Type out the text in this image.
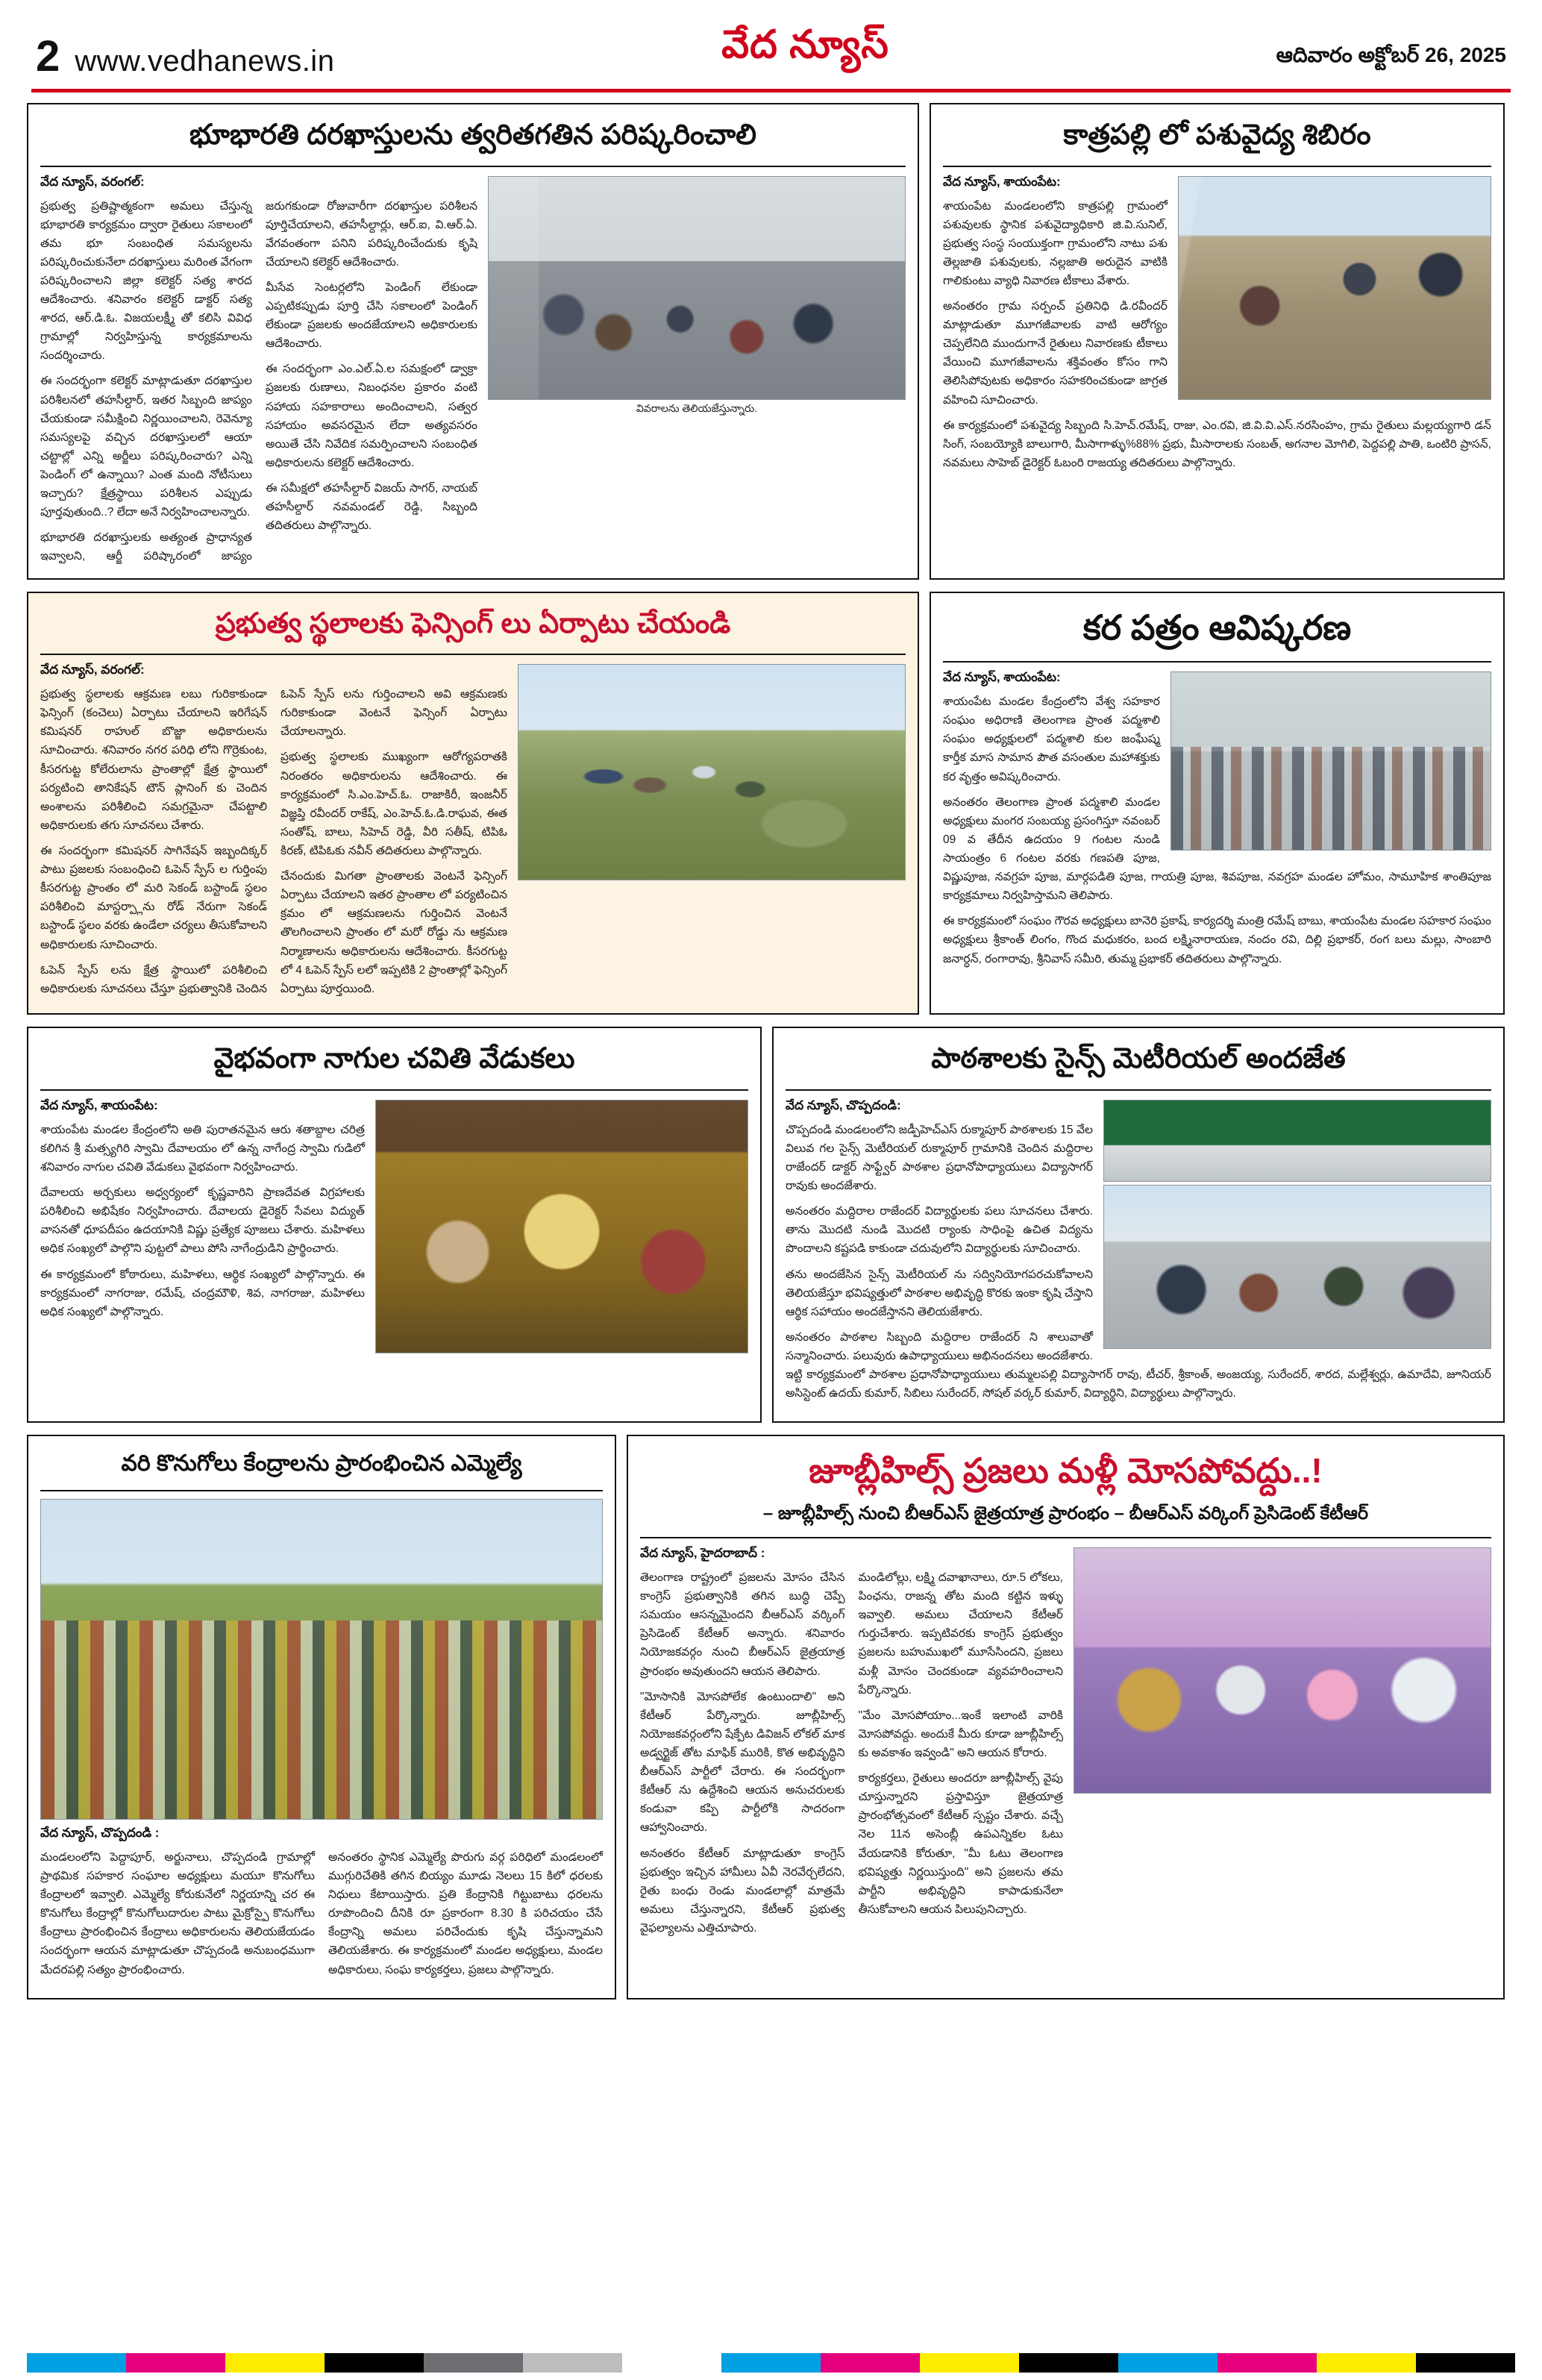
2 www.vedhanews.in	వేద న్యూస్	ఆదివారం అక్టోబర్ 26, 2025
భూభారతి దరఖాస్తులను త్వరితగతిన పరిష్కరించాలి
వివరాలను తెలియజేస్తున్నారు.
వేద న్యూస్, వరంగల్:

ప్రభుత్వ ప్రతిష్టాత్మకంగా అమలు చేస్తున్న భూభారతి కార్యక్రమం ద్వారా రైతులు సకాలంలో తమ భూ సంబంధిత సమస్యలను పరిష్కరించుకునేలా దరఖాస్తులు మరింత వేగంగా పరిష్కరించాలని జిల్లా కలెక్టర్ సత్య శారద ఆదేశించారు. శనివారం కలెక్టర్ డాక్టర్ సత్య శారద, ఆర్.డి.ఓ. విజయలక్ష్మీ తో కలిసి వివిధ గ్రామాల్లో నిర్వహిస్తున్న కార్యక్రమాలను సందర్శించారు.

ఈ సందర్భంగా కలెక్టర్ మాట్లాడుతూ దరఖాస్తుల పరిశీలనలో తహసీల్దార్, ఇతర సిబ్బంది జాప్యం చేయకుండా సమీక్షించి నిర్ణయించాలని, రెవెన్యూ సమస్యలపై వచ్చిన దరఖాస్తులలో ఆయా చట్టాల్లో ఎన్ని అర్జీలు పరిష్కరించారు? ఎన్ని పెండింగ్ లో ఉన్నాయి? ఎంత మంది నోటీసులు ఇచ్చారు? క్షేత్రస్థాయి పరిశీలన ఎప్పుడు పూర్తవుతుంది..? లేదా అనే నిర్వహించాలన్నారు.

భూభారతి దరఖాస్తులకు అత్యంత ప్రాధాన్యత ఇవ్వాలని, ఆర్జీ పరిష్కారంలో జాప్యం జరుగకుండా రోజువారీగా దరఖాస్తుల పరిశీలన పూర్తిచేయాలని, తహసీల్దార్లు, ఆర్.ఐ, వి.ఆర్.ఏ. వేగవంతంగా పనిని పరిష్కరించేందుకు కృషి చేయాలని కలెక్టర్ ఆదేశించారు.

మీసేవ సెంటర్లలోని పెండింగ్ లేకుండా ఎప్పటికప్పుడు పూర్తి చేసి సకాలంలో పెండింగ్ లేకుండా ప్రజలకు అందజేయాలని అధికారులకు ఆదేశించారు.

ఈ సందర్భంగా ఎం.ఎల్.ఏ.ల సమక్షంలో డ్వాక్రా ప్రజలకు రుణాలు, నిబంధనల ప్రకారం వంటి సహాయ సహకారాలు అందించాలని, సత్వర సహాయం అవసరమైన లేదా అత్యవసరం అయితే చేసి నివేదిక సమర్పించాలని సంబంధిత అధికారులను కలెక్టర్ ఆదేశించారు.

ఈ సమీక్షలో తహసీల్దార్ విజయ్ సాగర్, నాయబ్ తహసీల్దార్ నవమండల్ రెడ్డి, సిబ్బంది తదితరులు పాల్గొన్నారు.

కాత్రపల్లి లో పశువైద్య శిబిరం
వేద న్యూస్, శాయంపేట:

శాయంపేట మండలంలోని కాత్రపల్లి గ్రామంలో పశువులకు స్థానిక పశువైద్యాధికారి జి.వి.సునిల్, ప్రభుత్వ సంస్థ సంయుక్తంగా గ్రామంలోని నాటు పశు తెల్లజాతి పశువులకు, నల్లజాతి అరుదైన వాటికి గాలికుంటు వ్యాధి నివారణ టీకాలు వేశారు.

అనంతరం గ్రామ సర్పంచ్ ప్రతినిధి డి.రవీందర్ మాట్లాడుతూ మూగజీవాలకు వాటి ఆరోగ్యం చెప్పలేనిది ముందుగానే రైతులు నివారణకు టీకాలు వేయించి మూగజీవాలను శక్తివంతం కోసం గాని తెలిసిపోవుటకు అధికారం సహకరించకుండా జాగ్రత వహించి సూచించారు.

ఈ కార్యక్రమంలో పశువైద్య సిబ్బంది సి.హెచ్.రమేష్, రాజు, ఎం.రవి, జి.వి.వి.ఎస్.నరసింహం, గ్రామ రైతులు మల్లయ్యగారి డన్ సింగ్, సంబయ్యోకి బాలుగారి, మీసాగాళ్ళు%88% ప్రభు, మీసారాలకు సంబత్, అగనాల మోగిలి, పెద్దపల్లి పాతి, ఒంటిరి ప్రాసన్, నవమలు సాహెబ్ డైరెక్టర్ ఓబంరి రాజయ్య తదితరులు పాల్గొన్నారు.

ప్రభుత్వ స్థలాలకు ఫెన్సింగ్ లు ఏర్పాటు చేయండి
వేద న్యూస్, వరంగల్:

ప్రభుత్వ స్థలాలకు ఆక్రమణ లబు గురికాకుండా ఫెన్సింగ్ (కంచెలు) ఏర్పాటు చేయాలని ఇరిగేషన్ కమిషనర్ రాహుల్ బొజ్జా అధికారులను సూచించారు. శనివారం నగర పరిధి లోని గొర్రెకుంట, కీసరగుట్ట కోలేరులాను ప్రాంతాల్లో క్షేత్ర స్థాయిలో పర్యటించి తానికేషన్ టౌన్ ప్లానింగ్ కు చెందిన అంశాలను పరిశీలించి సమగ్రమైనా చేపట్టాలి అధికారులకు తగు సూచనలు చేశారు.

ఈ సందర్భంగా కమిషనర్ సాగినేషన్ ఇబ్బందిక్కర్ పాటు ప్రజలకు సంబంధించి ఓపెన్ స్పేస్ ల గుర్తింపు కీసరగుట్ట ప్రాంతం లో మరి సెకండ్ బస్టాండ్ స్థలం పరిశీలించి మాస్టర్ప్లాను రోడ్ నేరుగా సెకండ్ బస్టాండ్ స్థలం వరకు ఉండేలా చర్యలు తీసుకోవాలని అధికారులకు సూచించారు.

ఓపెన్ స్పేస్ లను క్షేత్ర స్థాయిలో పరిశీలించి అధికారులకు సూచనలు చేస్తూ ప్రభుత్వానికి చెందిన ఓపెన్ స్పేస్ లను గుర్తించాలని అవి ఆక్రమణకు గురికాకుండా వెంటనే ఫెన్సింగ్ ఏర్పాటు చేయాలన్నారు.

ప్రభుత్వ స్థలాలకు ముఖ్యంగా ఆరోగ్యపరాతకి నిరంతరం అధికారులను ఆదేశించారు. ఈ కార్యక్రమంలో సి.ఎం.హెచ్.ఓ. రాజాకిరీ, ఇంజనీర్ విజ్ఞప్తి రవీందర్ రాకేష్, ఎం.హెచ్.ఓ.డి.రాఘవ, ఈత సంతోష్, బాలు, సిహెచ్ రెడ్డి, వీరి సతీష్, టిపిఓ కిరణ్, టిపిఓకు నవీన్ తదితరులు పాల్గొన్నారు.

చేనందుకు మిగతా ప్రాంతాలకు వెంటనే ఫెన్సింగ్ ఏర్పాటు చేయాలని ఇతర ప్రాంతాల లో పర్యటించిన క్రమం లో ఆక్రమణలను గుర్తించిన వెంటనే తొలగించాలని ప్రాంతం లో మరో రోడ్డు ను ఆక్రమణ నిర్మాణాలను అధికారులను ఆదేశించారు. కీసరగుట్ట లో 4 ఓపెన్ స్పేస్ లలో ఇప్పటికి 2 ప్రాంతాల్లో ఫెన్సింగ్ ఏర్పాటు పూర్తయింది.

కర పత్రం ఆవిష్కరణ
వేద న్యూస్, శాయంపేట:

శాయంపేట మండల కేంద్రంలోని వేశ్వ సహకార సంఘం అధిరాణి తెలంగాణ ప్రాంత పద్మశాలి సంఘం అధ్యక్షులలో పద్మశాలి కుల జంఘేష్మ కార్తీక మాస సామాన పౌత వసంతుల మహాశక్తుకు కర వృత్తం అవిష్కరించారు.

అనంతరం తెలంగాణ ప్రాంత పద్మశాలి మండల అధ్యక్షులు మంగర సంబయ్య ప్రసంగిస్తూ నవంబర్ 09 వ తేదీన ఉదయం 9 గంటల నుండి సాయంత్రం 6 గంటల వరకు గణపతి పూజ, విష్ణుపూజ, నవగ్రహ పూజ, మార్గపడితి పూజ, గాయత్రి పూజ, శివపూజ, నవగ్రహ మండల హోమం, సామూహిక శాంతిపూజ కార్యక్రమాలు నిర్వహిస్తామని తెలిపారు.

ఈ కార్యక్రమంలో సంఘం గౌరవ అధ్యక్షులు బానెరి ప్రకాష్, కార్యదర్శి మంత్రి రమేష్ బాబు, శాయంపేట మండల సహకార సంఘం అధ్యక్షులు శ్రీకాంత్ లింగం, గొంద మధుకరం, బంద లక్ష్మినారాయణ, నందం రవి, దిల్లి ప్రభాకర్, రంగ బలు మల్లు, సాంబారి జనార్ధన్, రంగారావు, శ్రీనివాస్ సమీరి, తుమ్మ ప్రభాకర్ తదితరులు పాల్గొన్నారు.

వైభవంగా నాగుల చవితి వేడుకలు
వేద న్యూస్, శాయంపేట:

శాయంపేట మండల కేంద్రంలోని అతి పురాతనమైన ఆరు శతాబ్దాల చరిత్ర కలిగిన శ్రీ మత్స్యగిరి స్వామి దేవాలయం లో ఉన్న నాగేంద్ర స్వామి గుడిలో శనివారం నాగుల చవితి వేడుకలు వైభవంగా నిర్వహించారు.

దేవాలయ అర్చకులు అధ్వర్యంలో కృష్ణవారిని ప్రాణదేవత విగ్రహాలకు పరిశీలించి అభిషేకం నిర్వహించారు. దేవాలయ డైరెక్టర్ సేవలు విద్యుత్ వాసనతో ధూపదీపం ఉదయానికి విష్ణు ప్రత్యేక పూజలు చేశారు. మహిళలు అధిక సంఖ్యలో పాల్గొని పుట్టలో పాలు పోసి నాగేంద్రుడిని ప్రార్థించారు.

ఈ కార్యక్రమంలో కోఠారులు, మహిళలు, ఆర్థిక సంఖ్యలో పాల్గొన్నారు. ఈ కార్యక్రమంలో నాగరాజు, రమేష్, చంద్రమౌళి, శివ, నాగరాజు, మహిళలు అధిక సంఖ్యలో పాల్గొన్నారు.

పాఠశాలకు సైన్స్ మెటీరియల్ అందజేత
వేద న్యూస్, చొప్పదండి:

చొప్పదండి మండలంలోని జడ్పీహెచ్ఎస్ రుక్మాపూర్ పాఠశాలకు 15 వేల విలువ గల సైన్స్ మెటీరియల్ రుక్మాపూర్ గ్రామానికి చెందిన మద్దిరాల రాజేందర్ డాక్టర్ సాఫ్ట్వేర్ పాఠశాల ప్రధానోపాధ్యాయులు విద్యాసాగర్ రావుకు అందజేశారు.

అనంతరం మద్దిరాల రాజేందర్ విద్యార్థులకు పలు సూచనలు చేశారు. తాను మొదటి నుండి మొదటి ర్యాంకు సాధింపై ఉచిత విద్యను పొందాలని కష్టపడి కాకుండా చదువులోని విద్యార్థులకు సూచించారు.

తను అందజేసిన సైన్స్ మెటీరియల్ ను సద్వినియోగపరచుకోవాలని తెలియజేస్తూ భవిష్యత్తులో పాఠశాల అభివృద్ధి కొరకు ఇంకా కృషి చేస్తాని ఆర్థిక సహాయం అందజేస్తానని తెలియజేశారు.

అనంతరం పాఠశాల సిబ్బంది మద్దిరాల రాజేందర్ ని శాలువాతో సన్మానించారు. పలువురు ఉపాధ్యాయులు అభినందనలు అందజేశారు. ఇట్టి కార్యక్రమంలో పాఠశాల ప్రధానోపాధ్యాయులు తుమ్మలపల్లి విద్యాసాగర్ రావు, టీచర్, శ్రీకాంత్, అంజయ్య, సురేందర్, శారద, మల్లేశ్వర్లు, ఉమాదేవి, జూనియర్ అసిస్టెంట్ ఉదయ్ కుమార్, సిబిలు సురేందర్, సోషల్ వర్కర్ కుమార్, విద్యార్థిని, విద్యార్థులు పాల్గొన్నారు.

వరి కొనుగోలు కేంద్రాలను ప్రారంభించిన ఎమ్మెల్యే
వేద న్యూస్, చొప్పదండి :

మండలంలోని పెద్దాపూర్, అర్జునాలు, చొప్పదండి గ్రామాల్లో ప్రాథమిక సహకార సంఘాల అధ్యక్షులు మయూ కొనుగోలు కేంద్రాలలో ఇవ్వాలి. ఎమ్మెల్యే కోరుకునేలో నిర్ణయాన్ని చర ఈ కొనుగోలు కేంద్రాల్లో కొనుగోలుదారుల పాటు మైక్రోస్పై కొనుగోలు కేంద్రాలు ప్రారంభించిన కేంద్రాలు అధికారులను తెలియజేయడం సందర్భంగా ఆయన మాట్లాడుతూ చొప్పదండి అనుబంధముగా మేదరపల్లి సత్యం ప్రారంభించారు.

అనంతరం స్థానిక ఎమ్మెల్యే పొరుగు వర్గ పరిధిలో మండలంలో ముగ్గురిచేతికి తగిన బియ్యం మూడు నెలలు 15 కిలో ధరలకు నిధులు కేటాయిస్తారు. ప్రతి కేంద్రానికి గిట్టుబాటు ధరలను రూపొందించి దీనికి రూ ప్రకారంగా 8.30 కి పరిచయం చేసే కేంద్రాన్ని అమలు పరిచేందుకు కృషి చేస్తున్నామని తెలియజేశారు. ఈ కార్యక్రమంలో మండల అధ్యక్షులు, మండల అధికారులు, సంఘ కార్యకర్తలు, ప్రజలు పాల్గొన్నారు.

జూబ్లీహిల్స్ ప్రజలు మళ్లీ మోసపోవద్దు..!
– జూబ్లీహిల్స్ నుంచి బీఆర్ఎస్ జైత్రయాత్ర ప్రారంభం – బీఆర్ఎస్ వర్కింగ్ ప్రెసిడెంట్ కేటీఆర్
వేద న్యూస్, హైదరాబాద్ :

తెలంగాణ రాష్ట్రంలో ప్రజలను మోసం చేసిన కాంగ్రెస్ ప్రభుత్వానికి తగిన బుద్ధి చెప్పే సమయం ఆసన్నమైందని బీఆర్ఎస్ వర్కింగ్ ప్రెసిడెంట్ కేటీఆర్ అన్నారు. శనివారం నియోజకవర్గం నుంచి బీఆర్ఎస్ జైత్రయాత్ర ప్రారంభం అవుతుందని ఆయన తెలిపారు.

"మోసానికి మోసపోలేక ఉంటుందాలి" అని కేటీఆర్ పేర్కొన్నారు. జూబ్లీహిల్స్ నియోజకవర్గంలోని షేక్పేట డివిజన్ లోకల్ మాక అడ్వర్టైజ్ తోట మాఫిక్ మురికి, కొత అభివృద్ధిని బీఆర్ఎస్ పార్టీలో చేరారు. ఈ సందర్భంగా కేటీఆర్ ను ఉద్దేశించి ఆయన అనుచరులకు కండువా కప్పి పార్టీలోకి సాదరంగా ఆహ్వానించారు.

అనంతరం కేటీఆర్ మాట్లాడుతూ కాంగ్రెస్ ప్రభుత్వం ఇచ్చిన హామీలు ఏవీ నెరవేర్చలేదని, రైతు బంధు రెండు మండలాల్లో మాత్రమే అమలు చేస్తున్నారని, కేటీఆర్ ప్రభుత్వ వైఫల్యాలను ఎత్తిచూపారు.

మండిలోల్లు, లక్ష్మి దవాఖానాలు, రూ.5 లోకలు, పింఛను, రాజన్న తోట మంది కట్టిన ఇళ్ళు ఇవ్వాలి. అమలు చేయాలని కేటీఆర్ గుర్తుచేశారు. ఇప్పటివరకు కాంగ్రెస్ ప్రభుత్వం ప్రజలను బహుముఖలో మూసేసిందని, ప్రజలు మళ్లీ మోసం చెందకుండా వ్యవహరించాలని పేర్కొన్నారు.

"మేం మోసపోయాం...ఇంకే ఇలాంటి వారికి మోసపోవద్దు. అందుకే మీరు కూడా జూబ్లీహిల్స్ కు అవకాశం ఇవ్వండి" అని ఆయన కోరారు.

కార్యకర్తలు, రైతులు అందరూ జూబ్లీహిల్స్ వైపు చూస్తున్నారని ప్రస్తావిస్తూ జైత్రయాత్ర ప్రారంభోత్సవంలో కేటీఆర్ స్పష్టం చేశారు. వచ్చే నెల 11న అసెంబ్లీ ఉపఎన్నికల ఓటు వేయడానికి కోరుతూ, "మీ ఓటు తెలంగాణ భవిష్యత్తు నిర్ణయిస్తుంది" అని ప్రజలను తమ పార్టీని అభివృద్ధిని కాపాడుకునేలా తీసుకోవాలని ఆయన పిలుపునిచ్చారు.
